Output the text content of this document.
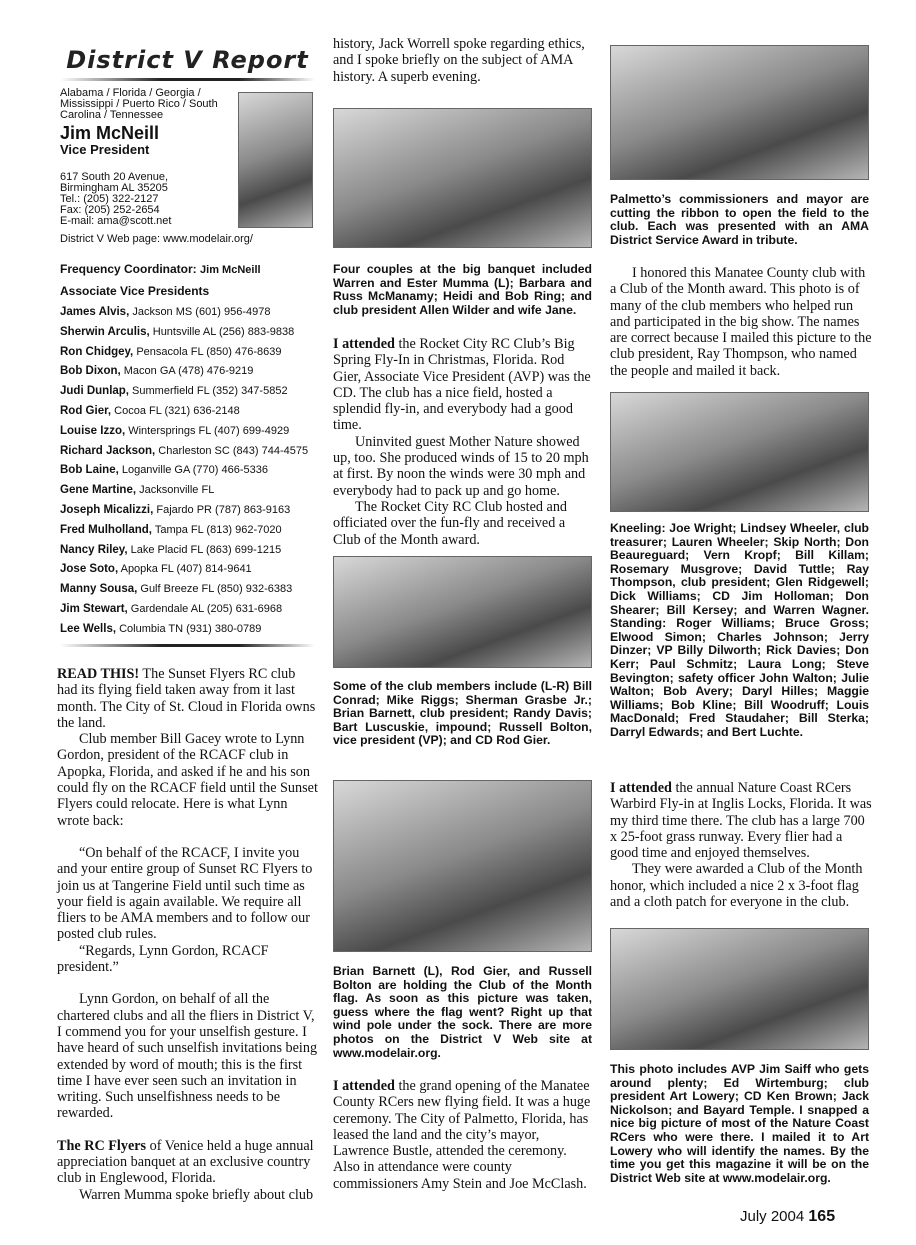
District V Report
Alabama / Florida / Georgia / Mississippi / Puerto Rico / South Carolina / Tennessee
Jim McNeill
Vice President
617 South 20 Avenue,
Birmingham AL 35205
Tel.: (205) 322-2127
Fax: (205) 252-2654
E-mail: ama@scott.net
District V Web page: www.modelair.org/
Frequency Coordinator: Jim McNeill
Associate Vice Presidents
James Alvis, Jackson MS (601) 956-4978
Sherwin Arculis, Huntsville AL (256) 883-9838
Ron Chidgey, Pensacola FL (850) 476-8639
Bob Dixon, Macon GA (478) 476-9219
Judi Dunlap, Summerfield FL (352) 347-5852
Rod Gier, Cocoa FL (321) 636-2148
Louise Izzo, Wintersprings FL (407) 699-4929
Richard Jackson, Charleston SC (843) 744-4575
Bob Laine, Loganville GA (770) 466-5336
Gene Martine, Jacksonville FL
Joseph Micalizzi, Fajardo PR (787) 863-9163
Fred Mulholland, Tampa FL (813) 962-7020
Nancy Riley, Lake Placid FL (863) 699-1215
Jose Soto, Apopka FL (407) 814-9641
Manny Sousa, Gulf Breeze FL (850) 932-6383
Jim Stewart, Gardendale AL (205) 631-6968
Lee Wells, Columbia TN (931) 380-0789

READ THIS! The Sunset Flyers RC club had its flying field taken away from it last month. The City of St. Cloud in Florida owns the land.

Club member Bill Gacey wrote to Lynn Gordon, president of the RCACF club in Apopka, Florida, and asked if he and his son could fly on the RCACF field until the Sunset Flyers could relocate. Here is what Lynn wrote back:

“On behalf of the RCACF, I invite you and your entire group of Sunset RC Flyers to join us at Tangerine Field until such time as your field is again available. We require all fliers to be AMA members and to follow our posted club rules.

“Regards, Lynn Gordon, RCACF president.”

Lynn Gordon, on behalf of all the chartered clubs and all the fliers in District V, I commend you for your unselfish gesture. I have heard of such unselfish invitations being extended by word of mouth; this is the first time I have ever seen such an invitation in writing. Such unselfishness needs to be rewarded.

The RC Flyers of Venice held a huge annual appreciation banquet at an exclusive country club in Englewood, Florida.

Warren Mumma spoke briefly about club

history, Jack Worrell spoke regarding ethics, and I spoke briefly on the subject of AMA history. A superb evening.
Four couples at the big banquet included Warren and Ester Mumma (L); Barbara and Russ McManamy; Heidi and Bob Ring; and club president Allen Wilder and wife Jane.

I attended the Rocket City RC Club’s Big Spring Fly-In in Christmas, Florida. Rod Gier, Associate Vice President (AVP) was the CD. The club has a nice field, hosted a splendid fly-in, and everybody had a good time.

Uninvited guest Mother Nature showed up, too. She produced winds of 15 to 20 mph at first. By noon the winds were 30 mph and everybody had to pack up and go home.

The Rocket City RC Club hosted and officiated over the fun-fly and received a Club of the Month award.

Some of the club members include (L-R) Bill Conrad; Mike Riggs; Sherman Grasbe Jr.; Brian Barnett, club president; Randy Davis; Bart Luscuskie, impound; Russell Bolton, vice president (VP); and CD Rod Gier.
Brian Barnett (L), Rod Gier, and Russell Bolton are holding the Club of the Month flag. As soon as this picture was taken, guess where the flag went? Right up that wind pole under the sock. There are more photos on the District V Web site at www.modelair.org.

I attended the grand opening of the Manatee County RCers new flying field. It was a huge ceremony. The City of Palmetto, Florida, has leased the land and the city’s mayor, Lawrence Bustle, attended the ceremony. Also in attendance were county commissioners Amy Stein and Joe McClash.

Palmetto’s commissioners and mayor are cutting the ribbon to open the field to the club. Each was presented with an AMA District Service Award in tribute.

I honored this Manatee County club with a Club of the Month award. This photo is of many of the club members who helped run and participated in the big show. The names are correct because I mailed this picture to the club president, Ray Thompson, who named the people and mailed it back.

Kneeling: Joe Wright; Lindsey Wheeler, club treasurer; Lauren Wheeler; Skip North; Don Beaureguard; Vern Kropf; Bill Killam; Rosemary Musgrove; David Tuttle; Ray Thompson, club president; Glen Ridgewell; Dick Williams; CD Jim Holloman; Don Shearer; Bill Kersey; and Warren Wagner. Standing: Roger Williams; Bruce Gross; Elwood Simon; Charles Johnson; Jerry Dinzer; VP Billy Dilworth; Rick Davies; Don Kerr; Paul Schmitz; Laura Long; Steve Bevington; safety officer John Walton; Julie Walton; Bob Avery; Daryl Hilles; Maggie Williams; Bob Kline; Bill Woodruff; Louis MacDonald; Fred Staudaher; Bill Sterka; Darryl Edwards; and Bert Luchte.

I attended the annual Nature Coast RCers Warbird Fly-in at Inglis Locks, Florida. It was my third time there. The club has a large 700 x 25-foot grass runway. Every flier had a good time and enjoyed themselves.

They were awarded a Club of the Month honor, which included a nice 2 x 3-foot flag and a cloth patch for everyone in the club.

This photo includes AVP Jim Saiff who gets around plenty; Ed Wirtemburg; club president Art Lowery; CD Ken Brown; Jack Nickolson; and Bayard Temple. I snapped a nice big picture of most of the Nature Coast RCers who were there. I mailed it to Art Lowery who will identify the names. By the time you get this magazine it will be on the District Web site at www.modelair.org.
July 2004 165
